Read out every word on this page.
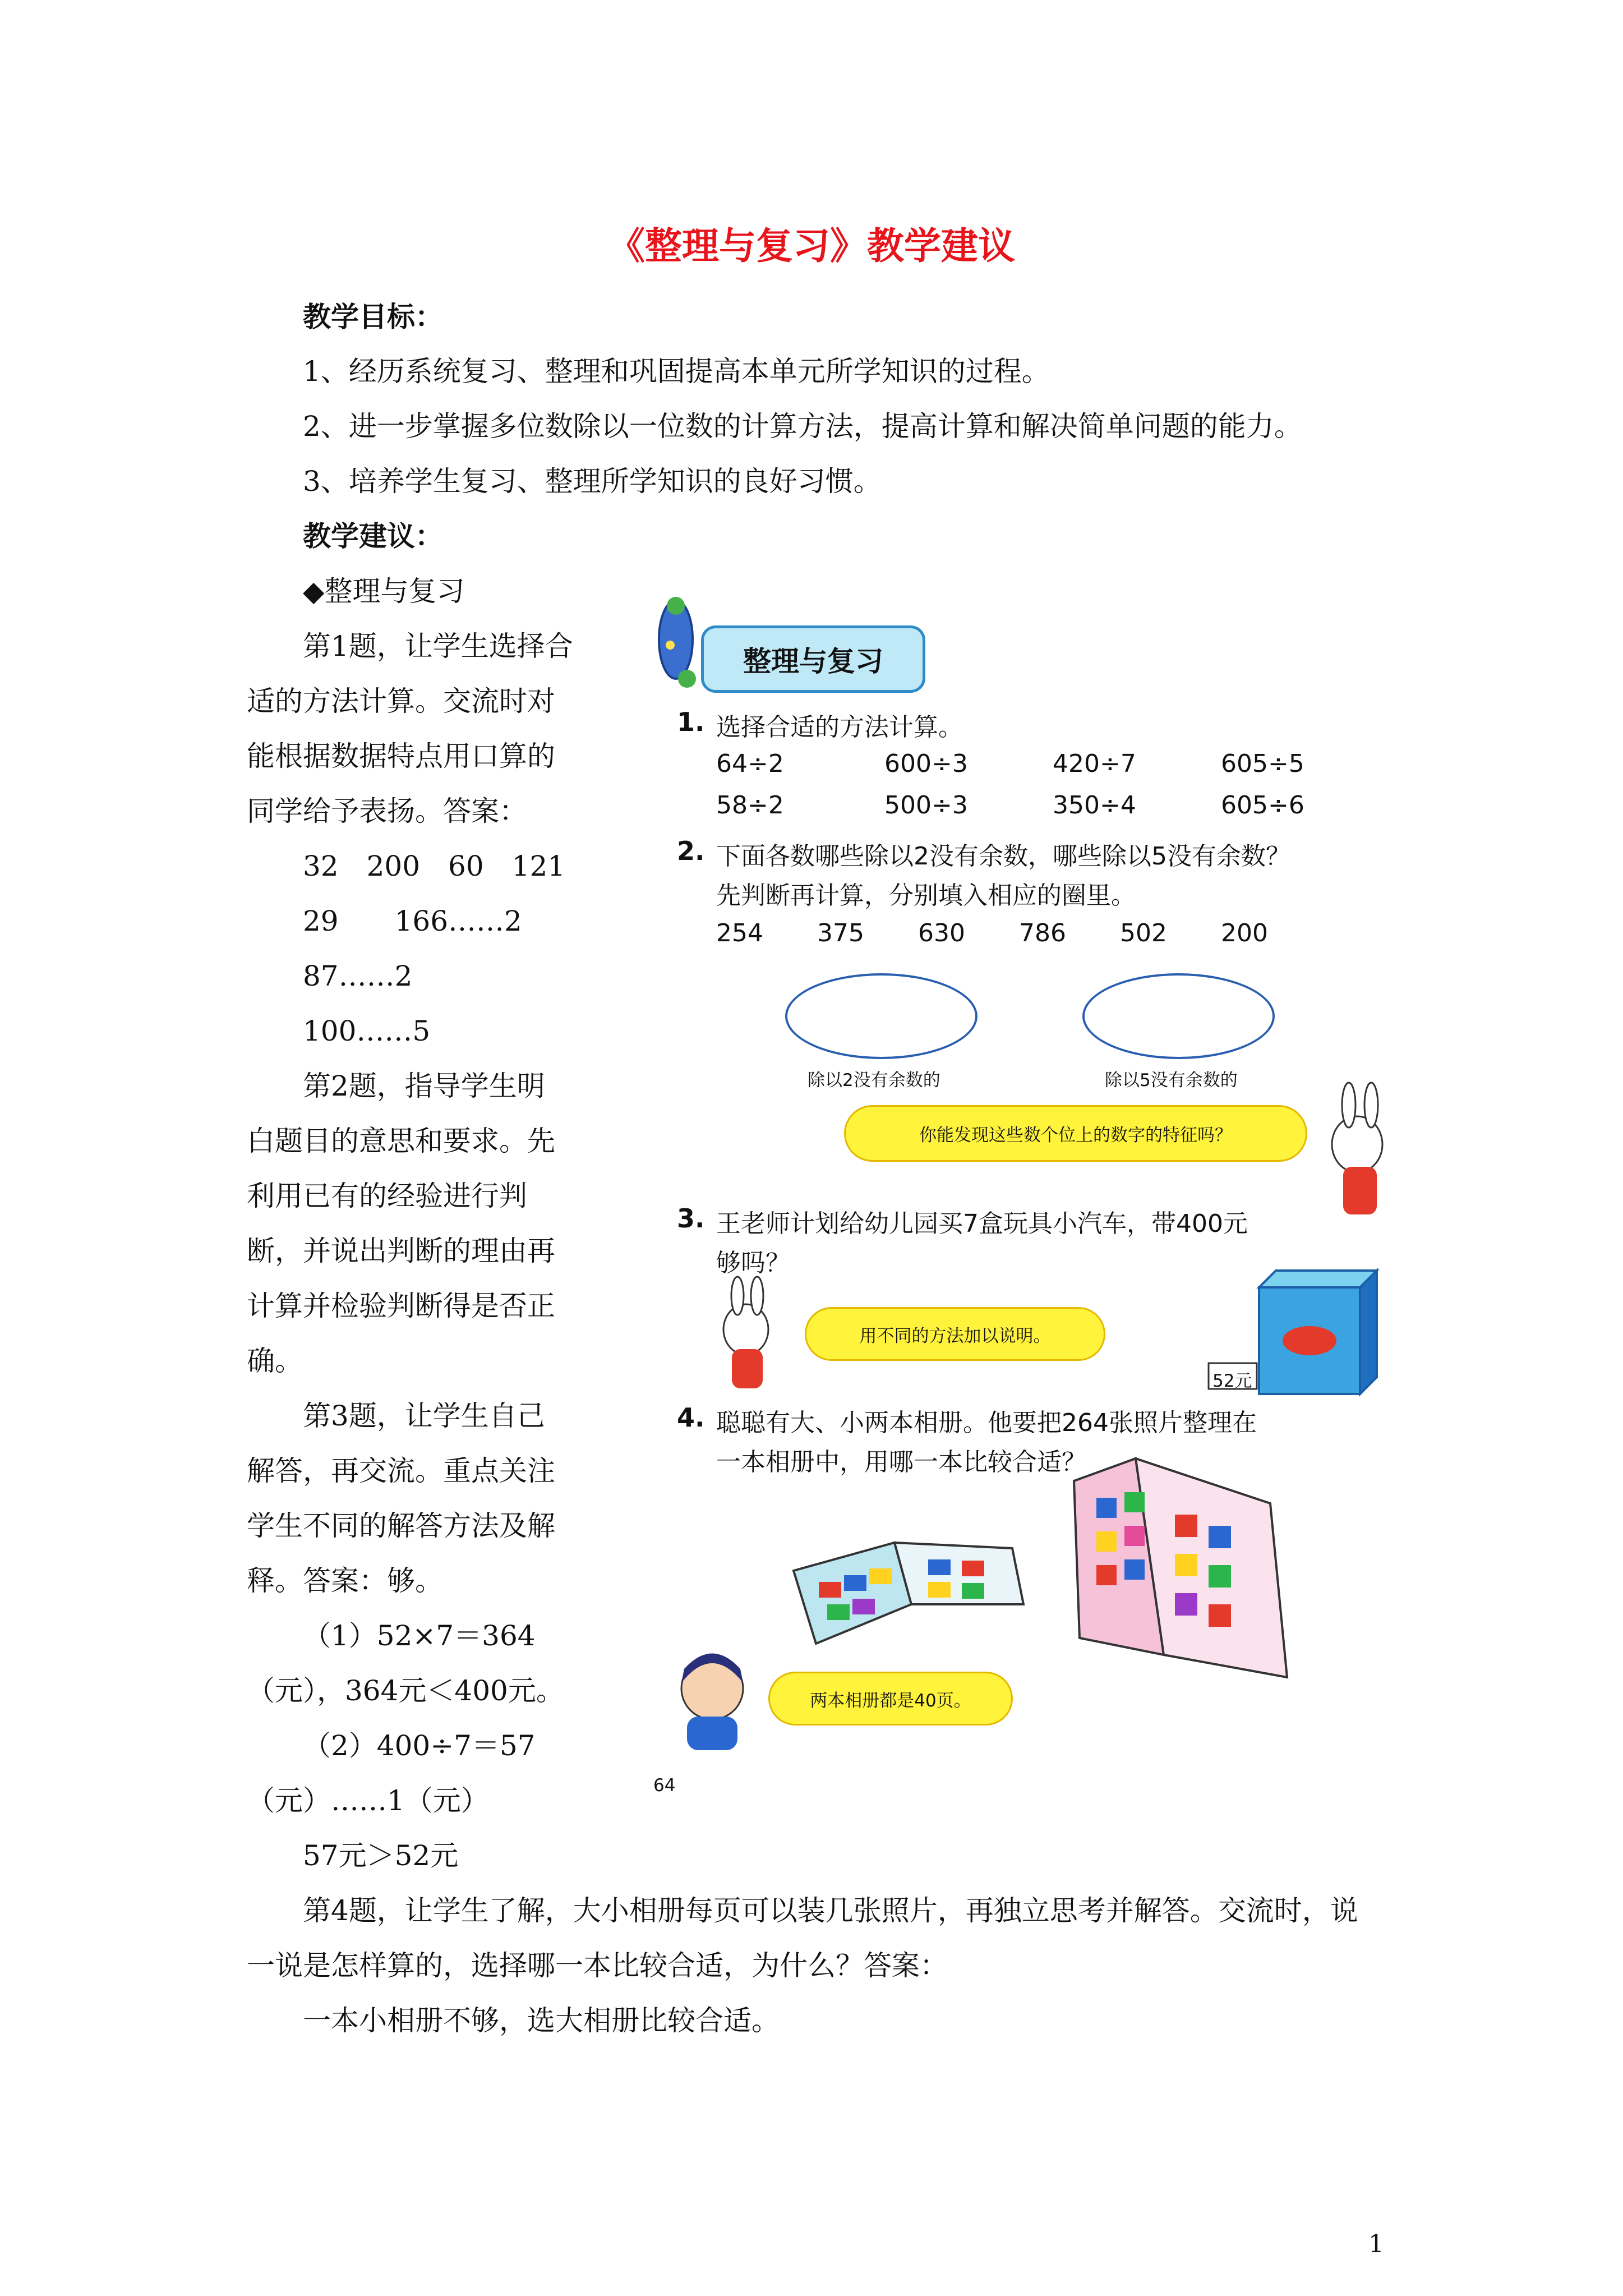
《整理与复习》教学建议
教学目标：
1、经历系统复习、整理和巩固提高本单元所学知识的过程。
2、进一步掌握多位数除以一位数的计算方法，提高计算和解决简单问题的能力。
3、培养学生复习、整理所学知识的良好习惯。
教学建议：
◆整理与复习
第1题，让学生选择合
适的方法计算。交流时对
能根据数据特点用口算的
同学给予表扬。答案：
32　200　60　121
29　　166……2
87……2
100……5
第2题，指导学生明
白题目的意思和要求。先
利用已有的经验进行判
断，并说出判断的理由再
计算并检验判断得是否正
确。
第3题，让学生自己
解答，再交流。重点关注
学生不同的解答方法及解
释。答案：够。
（1）52×7＝364
（元），364元＜400元。
（2）400÷7＝57
（元）……1（元）
57元＞52元
第4题，让学生了解，大小相册每页可以装几张照片，再独立思考并解答。交流时，说
一说是怎样算的，选择哪一本比较合适，为什么？答案：
一本小相册不够，选大相册比较合适。
1
整理与复习
1. 选择合适的方法计算。
64÷2	600÷3	420÷7	605÷5
58÷2	500÷3	350÷4	605÷6
2. 下面各数哪些除以2没有余数，哪些除以5没有余数？
先判断再计算，分别填入相应的圈里。
254 375 630 786 502 200
除以2没有余数的	除以5没有余数的
你能发现这些数个位上的数字的特征吗？
3. 王老师计划给幼儿园买7盒玩具小汽车，带400元
够吗？
用不同的方法加以说明。
52元
4. 聪聪有大、小两本相册。他要把264张照片整理在
一本相册中，用哪一本比较合适？
两本相册都是40页。
64
